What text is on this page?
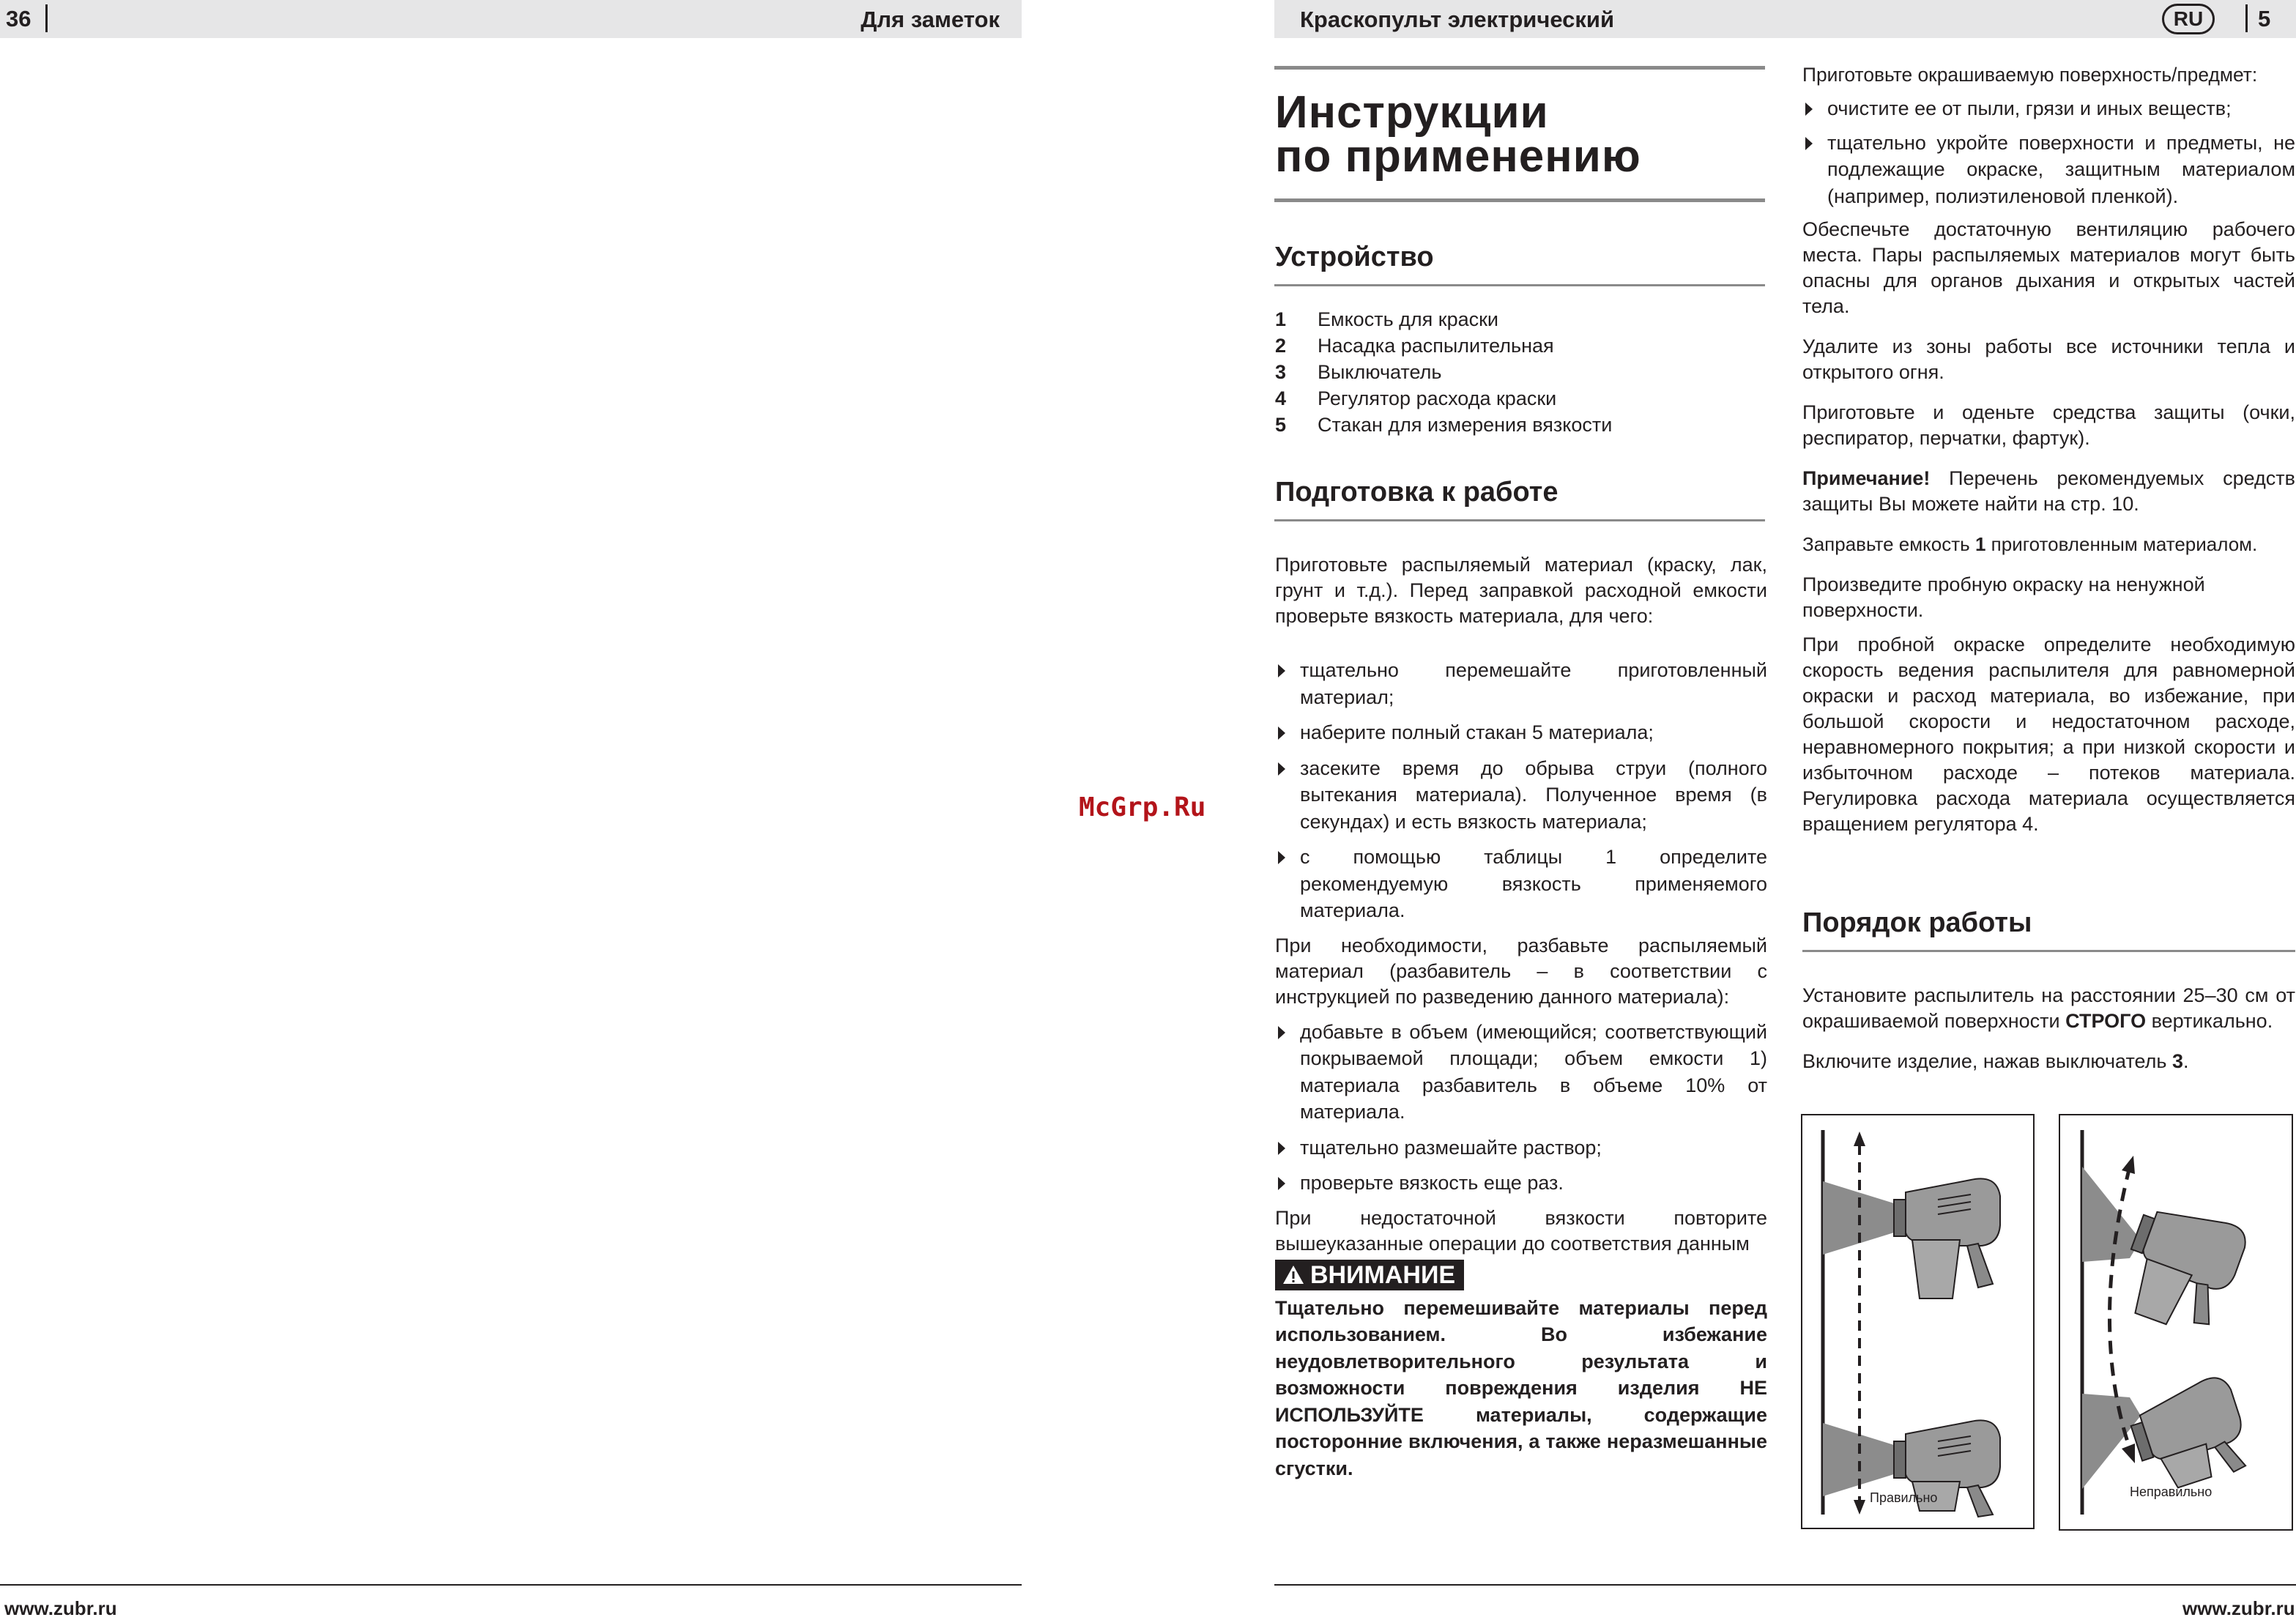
36	Для заметок
www.zubr.ru
McGrp.Ru
Краскопульт электрический	RU	5
Инструкции
по применению
Устройство
1	Емкость для краски
2	Насадка распылительная
3	Выключатель
4	Регулятор расхода краски
5	Стакан для измерения вязкости
Подготовка к работе

Приготовьте распыляемый материал (краску, лак, грунт и т.д.). Перед заправкой расходной емкости проверьте вязкость материала, для чего:

тщательно перемешайте приготовленный материал;
наберите полный стакан 5 материала;
засеките время до обрыва струи (полного вытекания материала). Полученное время (в секундах) и есть вязкость материала;
с помощью таблицы 1 определите рекомендуемую вязкость применяемого материала.

При необходимости, разбавьте распыляемый материал (разбавитель – в соответствии с инструкцией по разведению данного материала):

добавьте в объем (имеющийся; соответствующий покрываемой площади; объем емкости 1) материала разбавитель в объеме 10% от материала.
тщательно размешайте раствор;
проверьте вязкость еще раз.

При недостаточной вязкости повторите вышеуказанные операции до соответствия данным

ВНИМАНИЕ

Тщательно перемешивайте материалы перед использованием. Во избежание неудовлетворительного результата и возможности повреждения изделия НЕ ИСПОЛЬЗУЙТЕ материалы, содержащие посторонние включения, а также неразмешанные сгустки.

Приготовьте окрашиваемую поверхность/предмет:

очистите ее от пыли, грязи и иных веществ;
тщательно укройте поверхности и предметы, не подлежащие окраске, защитным материалом (например, полиэтиленовой пленкой).

Обеспечьте достаточную вентиляцию рабочего места. Пары распыляемых материалов могут быть опасны для органов дыхания и открытых частей тела.

Удалите из зоны работы все источники тепла и открытого огня.

Приготовьте и оденьте средства защиты (очки, респиратор, перчатки, фартук).

Примечание! Перечень рекомендуемых средств защиты Вы можете найти на стр. 10.

Заправьте емкость 1 приготовленным материалом.

Произведите пробную окраску на ненужной поверхности.

При пробной окраске определите необходимую скорость ведения распылителя для равномерной окраски и расход материала, во избежание, при большой скорости и недостаточном расходе, неравномерного покрытия; а при низкой скорости и избыточном расходе – потеков материала. Регулировка расхода материала осуществляется вращением регулятора 4.

Порядок работы

Установите распылитель на расстоянии 25–30 см от окрашиваемой поверхности СТРОГО вертикально.

Включите изделие, нажав выключатель 3.

Правильно	Неправильно
www.zubr.ru
